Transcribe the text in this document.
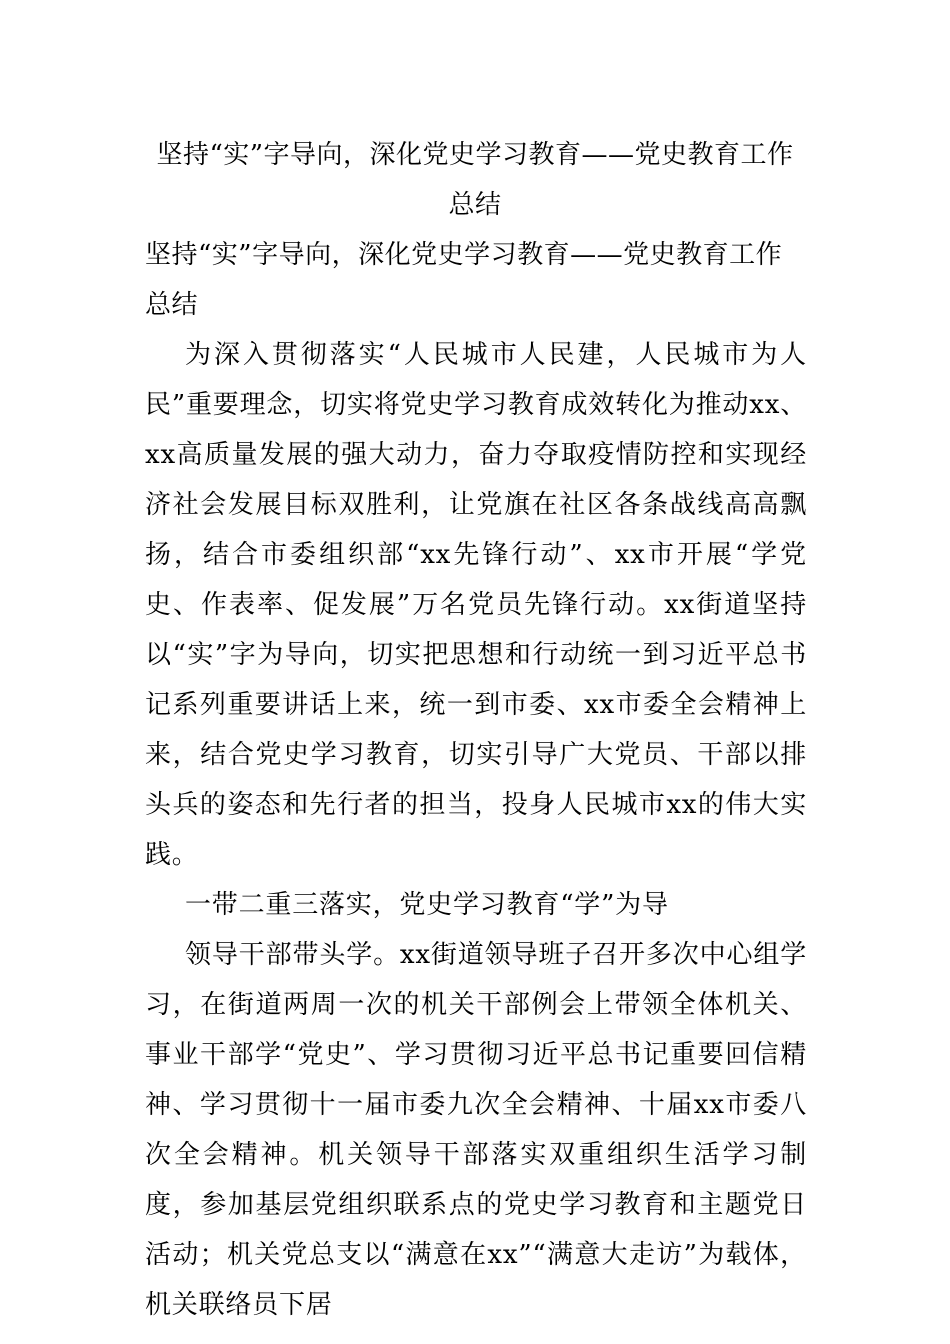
坚持“实”字导向，深化党史学习教育——党史教育工作总结

坚持“实”字导向，深化党史学习教育——党史教育工作总结

为深入贯彻落实“人民城市人民建，人民城市为人民”重要理念，切实将党史学习教育成效转化为推动xx、xx高质量发展的强大动力，奋力夺取疫情防控和实现经济社会发展目标双胜利，让党旗在社区各条战线高高飘扬，结合市委组织部“xx先锋行动”、xx市开展“学党史、作表率、促发展”万名党员先锋行动。xx街道坚持以“实”字为导向，切实把思想和行动统一到习近平总书记系列重要讲话上来，统一到市委、xx市委全会精神上来，结合党史学习教育，切实引导广大党员、干部以排头兵的姿态和先行者的担当，投身人民城市xx的伟大实践。

一带二重三落实，党史学习教育“学”为导

领导干部带头学。xx街道领导班子召开多次中心组学习，在街道两周一次的机关干部例会上带领全体机关、事业干部学“党史”、学习贯彻习近平总书记重要回信精神、学习贯彻十一届市委九次全会精神、十届xx市委八次全会精神。机关领导干部落实双重组织生活学习制度，参加基层党组织联系点的党史学习教育和主题党日活动；机关党总支以“满意在xx”“满意大走访”为载体，机关联络员下居
